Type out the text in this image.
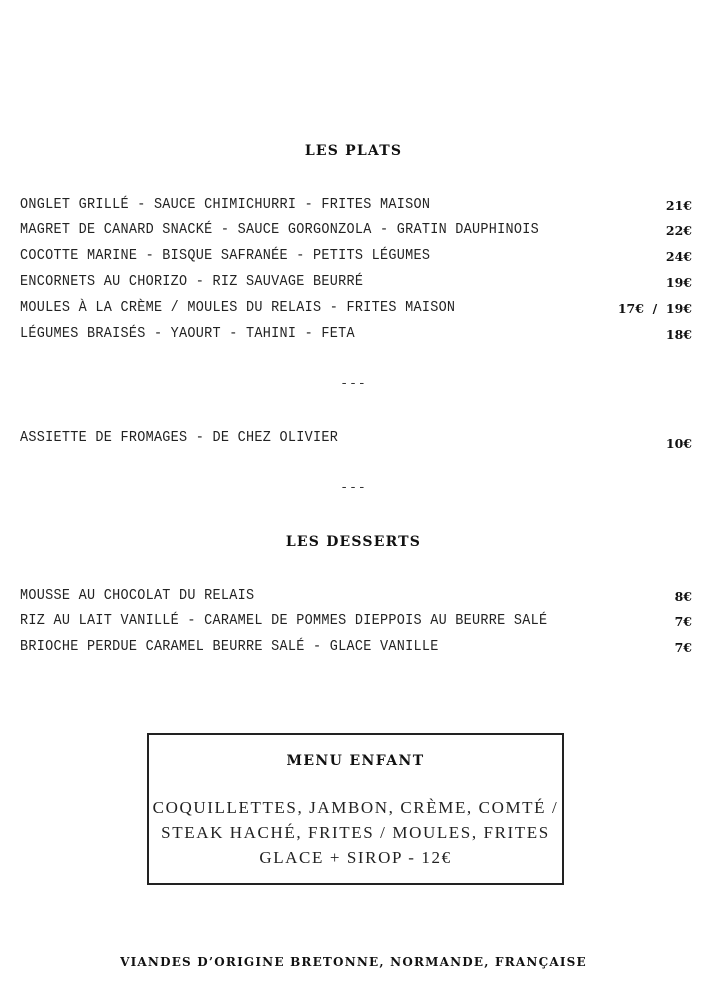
LES PLATS
ONGLET GRILLÉ - SAUCE CHIMICHURRI - FRITES MAISON	21€
MAGRET DE CANARD SNACKÉ - SAUCE GORGONZOLA - GRATIN DAUPHINOIS	22€
COCOTTE MARINE - BISQUE SAFRANÉE - PETITS LÉGUMES	24€
ENCORNETS AU CHORIZO - RIZ SAUVAGE BEURRÉ	19€
MOULES À LA CRÈME / MOULES DU RELAIS - FRITES MAISON	17€  /  19€
LÉGUMES BRAISÉS - YAOURT - TAHINI - FETA	18€
---
ASSIETTE DE FROMAGES - DE CHEZ OLIVIER	10€
---
LES DESSERTS
MOUSSE AU CHOCOLAT DU RELAIS	8€
RIZ AU LAIT VANILLÉ - CARAMEL DE POMMES DIEPPOIS AU BEURRE SALÉ	7€
BRIOCHE PERDUE CARAMEL BEURRE SALÉ - GLACE VANILLE	7€
MENU ENFANT
COQUILLETTES, JAMBON, CRÈME, COMTÉ /
STEAK HACHÉ, FRITES / MOULES, FRITES
GLACE + SIROP - 12€
VIANDES D’ORIGINE BRETONNE, NORMANDE, FRANÇAISE
